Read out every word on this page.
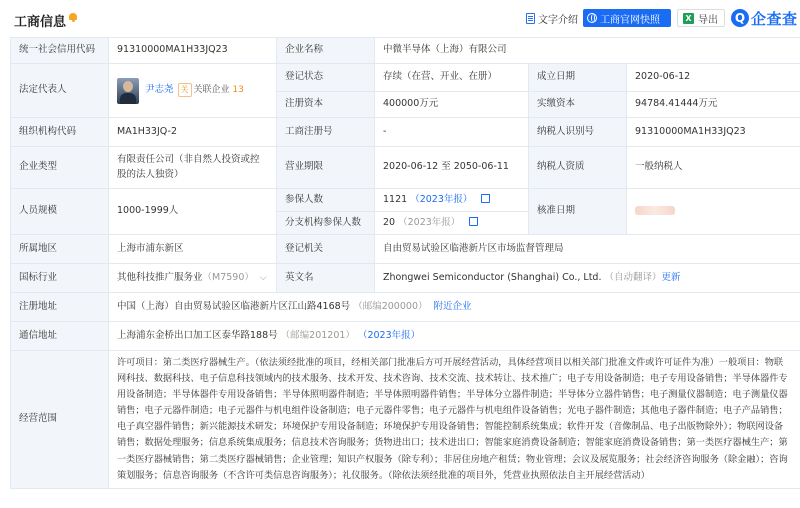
工商信息	文字介绍 工商官网快照	X 导出	Q 企查查
统一社会信用代码	91310000MA1H33JQ23	企业名称	中微半导体（上海）有限公司		
法定代表人	尹志尧 关 关联企业 13	登记状态	存续（在营、开业、在册）	成立日期	2020-06-12
		注册资本	400000万元	实缴资本	94784.41444万元
组织机构代码	MA1H33JQ-2	工商注册号	-	纳税人识别号	91310000MA1H33JQ23
企业类型	有限责任公司（非自然人投资或控股的法人独资）	营业期限	2020-06-12 至 2050-06-11	纳税人资质	一般纳税人
人员规模	1000-1999人	参保人数	1121 （2023年报）	核准日期	
		分支机构参保人数	20 （2023年报）		
所属地区	上海市浦东新区	登记机关	自由贸易试验区临港新片区市场监督管理局		
国标行业	其他科技推广服务业（M7590） ⌵	英文名	Zhongwei Semiconductor (Shanghai) Co., Ltd. （自动翻译）更新		
注册地址	中国（上海）自由贸易试验区临港新片区江山路4168号 （邮编200000） 附近企业				
通信地址	上海浦东金桥出口加工区泰华路188号 （邮编201201） （2023年报）				
经营范围	许可项目：第二类医疗器械生产。（依法须经批准的项目，经相关部门批准后方可开展经营活动，具体经营项目以相关部门批准文件或许可证件为准）一般项目：物联网科技、数据科技、电子信息科技领域内的技术服务、技术开发、技术咨询、技术交流、技术转让、技术推广；电子专用设备制造；电子专用设备销售；半导体器件专用设备制造；半导体器件专用设备销售；半导体照明器件制造；半导体照明器件销售；半导体分立器件制造；半导体分立器件销售；电子测量仪器制造；电子测量仪器销售；电子元器件制造；电子元器件与机电组件设备制造；电子元器件零售；电子元器件与机电组件设备销售；光电子器件制造；其他电子器件制造；电子产品销售；电子真空器件销售；新兴能源技术研发；环境保护专用设备制造；环境保护专用设备销售；智能控制系统集成；软件开发（音像制品、电子出版物除外）；物联网设备销售；数据处理服务；信息系统集成服务；信息技术咨询服务；货物进出口；技术进出口；智能家庭消费设备制造；智能家庭消费设备销售；第一类医疗器械生产；第一类医疗器械销售；第二类医疗器械销售；企业管理；知识产权服务（除专利）；非居住房地产租赁；物业管理；会议及展览服务；社会经济咨询服务（除金融）；咨询策划服务；信息咨询服务（不含许可类信息咨询服务）；礼仪服务。（除依法须经批准的项目外，凭营业执照依法自主开展经营活动）				
